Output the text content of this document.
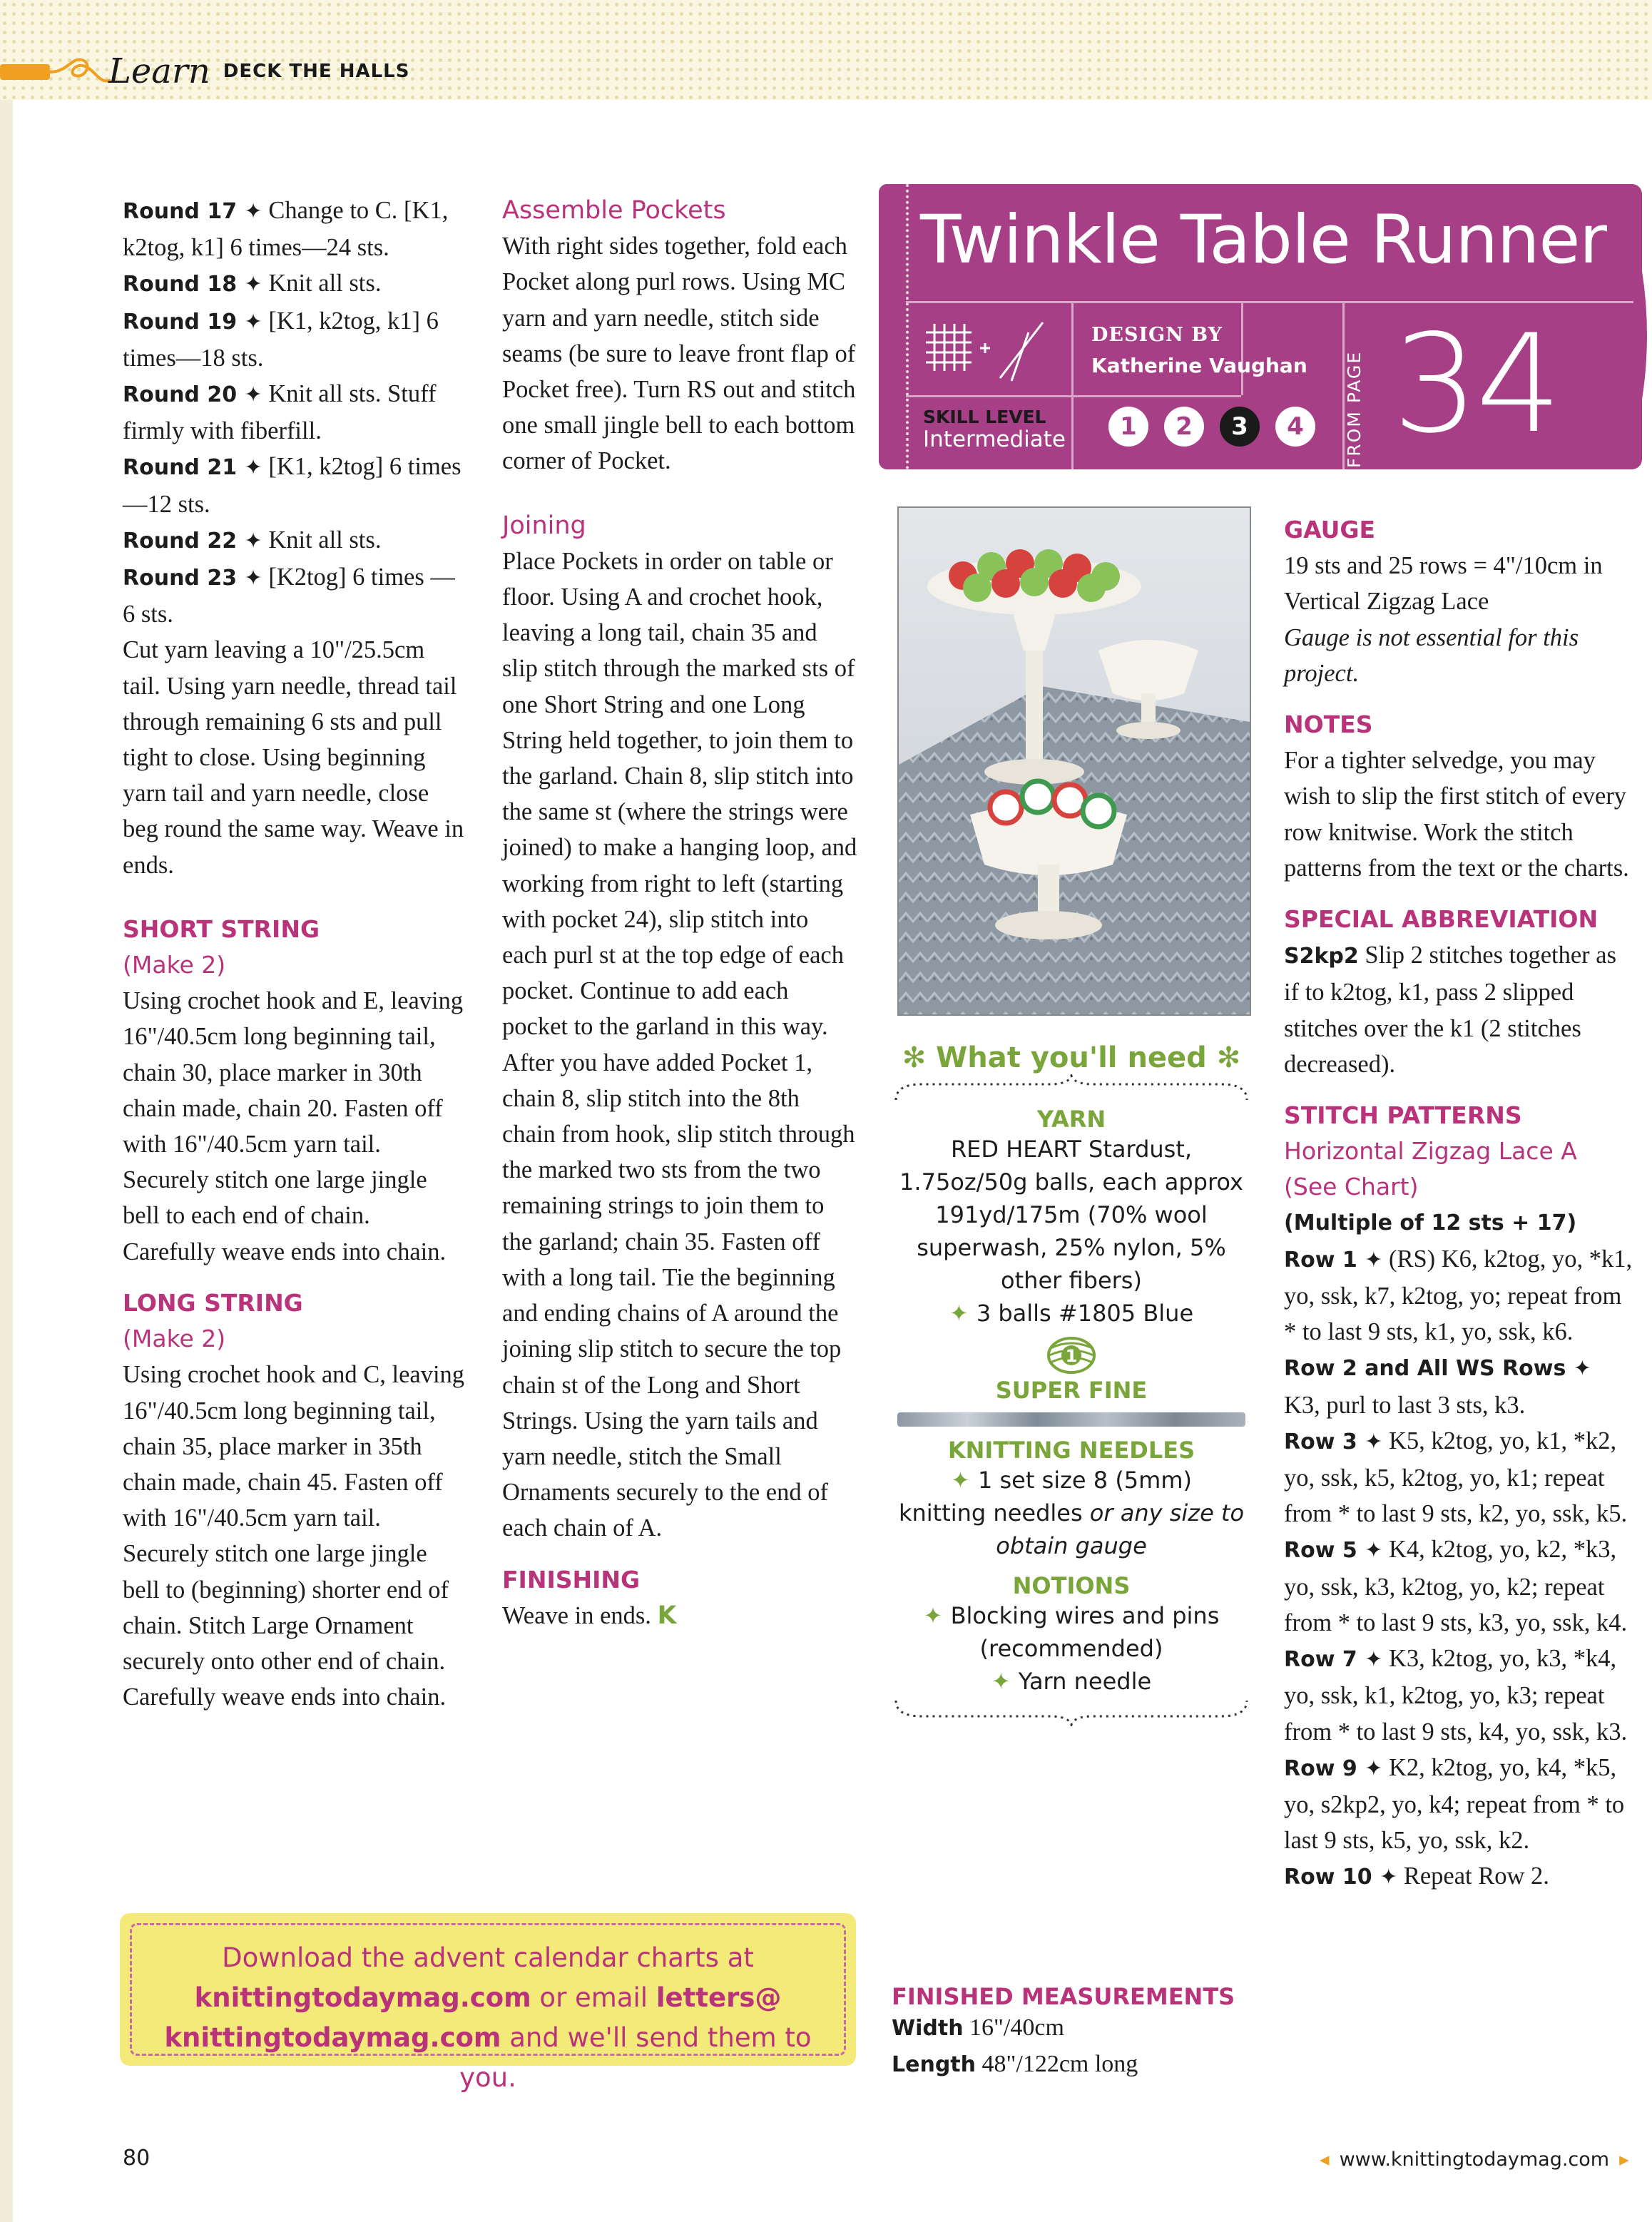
Learn DECK THE HALLS

Round 17 ✦ Change to C. [K1, k2tog, k1] 6 times—24 sts.

Round 18 ✦ Knit all sts.

Round 19 ✦ [K1, k2tog, k1] 6 times—18 sts.

Round 20 ✦ Knit all sts. Stuff firmly with fiberfill.

Round 21 ✦ [K1, k2tog] 6 times—12 sts.

Round 22 ✦ Knit all sts.

Round 23 ✦ [K2tog] 6 times —6 sts.

Cut yarn leaving a 10"/25.5cm tail. Using yarn needle, thread tail through remaining 6 sts and pull tight to close. Using beginning yarn tail and yarn needle, close beg round the same way. Weave in ends.

SHORT STRING

(Make 2)

Using crochet hook and E, leaving 16"/40.5cm long beginning tail, chain 30, place marker in 30th chain made, chain 20. Fasten off with 16"/40.5cm yarn tail. Securely stitch one large jingle bell to each end of chain. Carefully weave ends into chain.

LONG STRING

(Make 2)

Using crochet hook and C, leaving 16"/40.5cm long beginning tail, chain 35, place marker in 35th chain made, chain 45. Fasten off with 16"/40.5cm yarn tail. Securely stitch one large jingle bell to (beginning) shorter end of chain. Stitch Large Ornament securely onto other end of chain. Carefully weave ends into chain.

Assemble Pockets

With right sides together, fold each Pocket along purl rows. Using MC yarn and yarn needle, stitch side seams (be sure to leave front flap of Pocket free). Turn RS out and stitch one small jingle bell to each bottom corner of Pocket.

Joining

Place Pockets in order on table or floor. Using A and crochet hook, leaving a long tail, chain 35 and slip stitch through the marked sts of one Short String and one Long String held together, to join them to the garland. Chain 8, slip stitch into the same st (where the strings were joined) to make a hanging loop, and working from right to left (starting with pocket 24), slip stitch into each purl st at the top edge of each pocket. Continue to add each pocket to the garland in this way. After you have added Pocket 1, chain 8, slip stitch into the 8th chain from hook, slip stitch through the marked two sts from the two remaining strings to join them to the garland; chain 35. Fasten off with a long tail. Tie the beginning and ending chains of A around the joining slip stitch to secure the top chain st of the Long and Short Strings. Using the yarn tails and yarn needle, stitch the Small Ornaments securely to the end of each chain of A.

FINISHING

Weave in ends. K

Download the advent calendar charts at
knittingtodaymag.com or email letters@
knittingtodaymag.com and we'll send them to you.
Twinkle Table Runner
DESIGN BY
Katherine Vaughan
SKILL LEVEL
Intermediate	1	2	3	4	FROM PAGE 34
✻ What you'll need ✻
YARN
RED HEART Stardust, 1.75oz/50g balls, each approx 191yd/175m (70% wool superwash, 25% nylon, 5% other fibers)
✦ 3 balls #1805 Blue
1
SUPER FINE
KNITTING NEEDLES
✦ 1 set size 8 (5mm)
knitting needles or any size to obtain gauge
NOTIONS
✦ Blocking wires and pins (recommended)
✦ Yarn needle
FINISHED MEASUREMENTS
Width 16"/40cm
Length 48"/122cm long

GAUGE

19 sts and 25 rows = 4"/10cm in Vertical Zigzag Lace

Gauge is not essential for this project.

NOTES

For a tighter selvedge, you may wish to slip the first stitch of every row knitwise. Work the stitch patterns from the text or the charts.

SPECIAL ABBREVIATION

S2kp2 Slip 2 stitches together as if to k2tog, k1, pass 2 slipped stitches over the k1 (2 stitches decreased).

STITCH PATTERNS

Horizontal Zigzag Lace A

(See Chart)

(Multiple of 12 sts + 17)

Row 1 ✦ (RS) K6, k2tog, yo, *k1, yo, ssk, k7, k2tog, yo; repeat from * to last 9 sts, k1, yo, ssk, k6.

Row 2 and All WS Rows ✦ K3, purl to last 3 sts, k3.

Row 3 ✦ K5, k2tog, yo, k1, *k2, yo, ssk, k5, k2tog, yo, k1; repeat from * to last 9 sts, k2, yo, ssk, k5.

Row 5 ✦ K4, k2tog, yo, k2, *k3, yo, ssk, k3, k2tog, yo, k2; repeat from * to last 9 sts, k3, yo, ssk, k4.

Row 7 ✦ K3, k2tog, yo, k3, *k4, yo, ssk, k1, k2tog, yo, k3; repeat from * to last 9 sts, k4, yo, ssk, k3.

Row 9 ✦ K2, k2tog, yo, k4, *k5, yo, s2kp2, yo, k4; repeat from * to last 9 sts, k5, yo, ssk, k2.

Row 10 ✦ Repeat Row 2.

80	◂ www.knittingtodaymag.com ▸
